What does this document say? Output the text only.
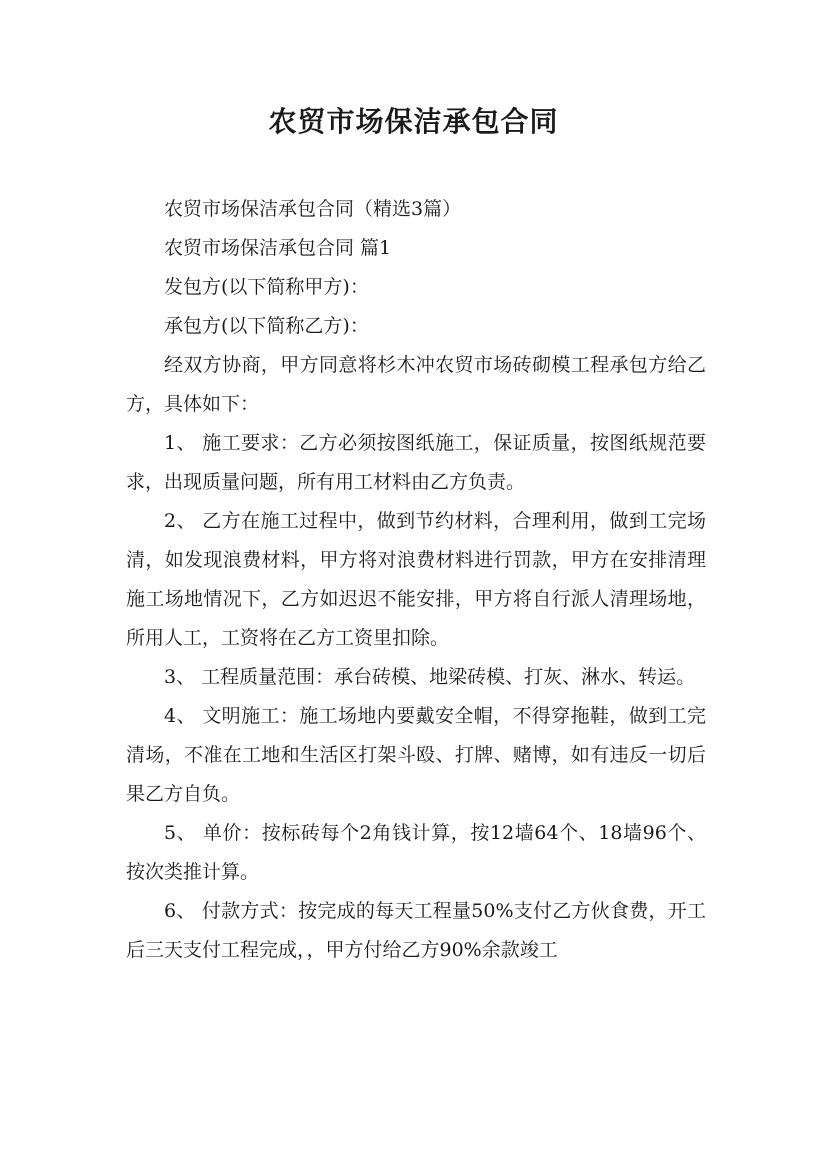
农贸市场保洁承包合同

农贸市场保洁承包合同（精选3篇）

农贸市场保洁承包合同 篇1

发包方(以下简称甲方)：

承包方(以下简称乙方)：

经双方协商，甲方同意将杉木冲农贸市场砖砌模工程承包方给乙方，具体如下：

1、 施工要求：乙方必须按图纸施工，保证质量，按图纸规范要求，出现质量问题，所有用工材料由乙方负责。

2、 乙方在施工过程中，做到节约材料，合理利用，做到工完场清，如发现浪费材料，甲方将对浪费材料进行罚款，甲方在安排清理施工场地情况下，乙方如迟迟不能安排，甲方将自行派人清理场地，所用人工，工资将在乙方工资里扣除。

3、 工程质量范围：承台砖模、地梁砖模、打灰、淋水、转运。

4、 文明施工：施工场地内要戴安全帽，不得穿拖鞋，做到工完清场，不准在工地和生活区打架斗殴、打牌、赌博，如有违反一切后果乙方自负。

5、 单价：按标砖每个2角钱计算，按12墙64个、18墙96个、按次类推计算。

6、 付款方式：按完成的每天工程量50%支付乙方伙食费，开工后三天支付工程完成，，甲方付给乙方90%余款竣工
